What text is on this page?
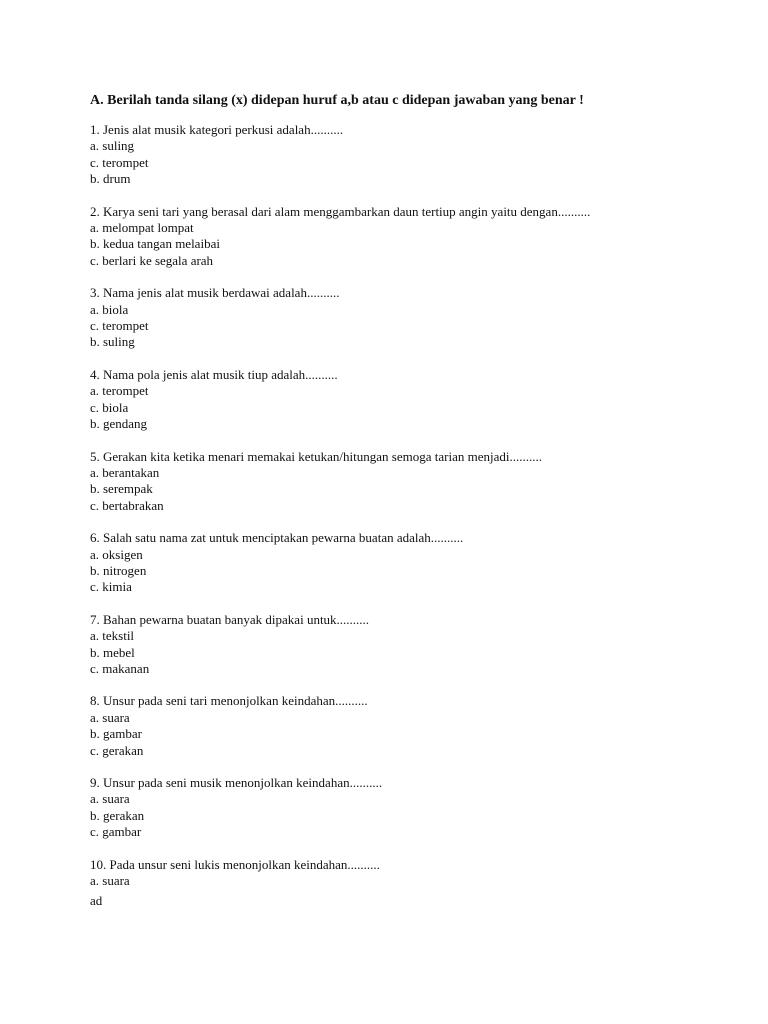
A. Berilah tanda silang (x) didepan huruf a,b atau c didepan jawaban yang benar !
1. Jenis alat musik kategori perkusi adalah..........
a. suling
c. terompet
b. drum
2. Karya seni tari yang berasal dari alam menggambarkan daun tertiup angin yaitu dengan..........
a. melompat lompat
b. kedua tangan melaibai
c. berlari ke segala arah
3. Nama jenis alat musik berdawai adalah..........
a. biola
c. terompet
b. suling
4. Nama pola jenis alat musik tiup adalah..........
a. terompet
c. biola
b. gendang
5. Gerakan kita ketika menari memakai ketukan/hitungan semoga tarian menjadi..........
a. berantakan
b. serempak
c. bertabrakan
6. Salah satu nama zat untuk menciptakan pewarna buatan adalah..........
a. oksigen
b. nitrogen
c. kimia
7. Bahan pewarna buatan banyak dipakai untuk..........
a. tekstil
b. mebel
c. makanan
8. Unsur pada seni tari menonjolkan keindahan..........
a. suara
b. gambar
c. gerakan
9. Unsur pada seni musik menonjolkan keindahan..........
a. suara
b. gerakan
c. gambar
10. Pada unsur seni lukis menonjolkan keindahan..........
a. suara
ad
